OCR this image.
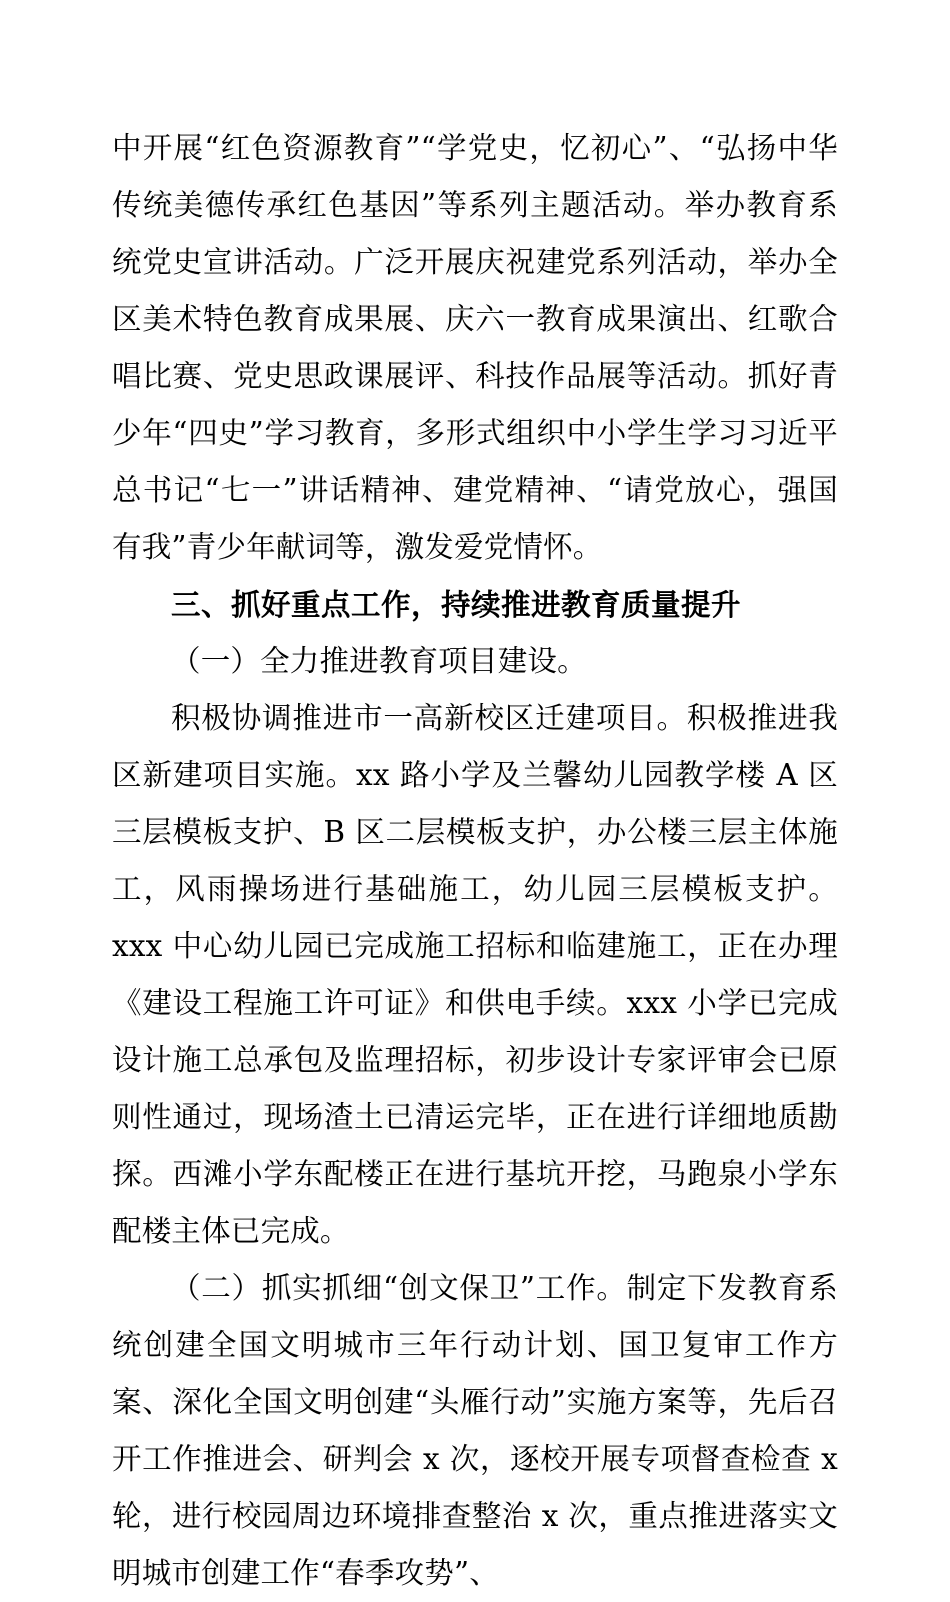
中开展“红色资源教育”“学党史，忆初心”、“弘扬中华传统美德传承红色基因”等系列主题活动。举办教育系统党史宣讲活动。广泛开展庆祝建党系列活动，举办全区美术特色教育成果展、庆六一教育成果演出、红歌合唱比赛、党史思政课展评、科技作品展等活动。抓好青少年“四史”学习教育，多形式组织中小学生学习习近平总书记“七一”讲话精神、建党精神、“请党放心，强国有我”青少年献词等，激发爱党情怀。

三、抓好重点工作，持续推进教育质量提升

（一）全力推进教育项目建设。

积极协调推进市一高新校区迁建项目。积极推进我区新建项目实施。xx 路小学及兰馨幼儿园教学楼 A 区三层模板支护、B 区二层模板支护，办公楼三层主体施工，风雨操场进行基础施工，幼儿园三层模板支护。xxx 中心幼儿园已完成施工招标和临建施工，正在办理《建设工程施工许可证》和供电手续。xxx 小学已完成设计施工总承包及监理招标，初步设计专家评审会已原则性通过，现场渣土已清运完毕，正在进行详细地质勘探。西滩小学东配楼正在进行基坑开挖，马跑泉小学东配楼主体已完成。

（二）抓实抓细“创文保卫”工作。制定下发教育系统创建全国文明城市三年行动计划、国卫复审工作方案、深化全国文明创建“头雁行动”实施方案等，先后召开工作推进会、研判会 x 次，逐校开展专项督查检查 x 轮，进行校园周边环境排查整治 x 次，重点推进落实文明城市创建工作“春季攻势”、
